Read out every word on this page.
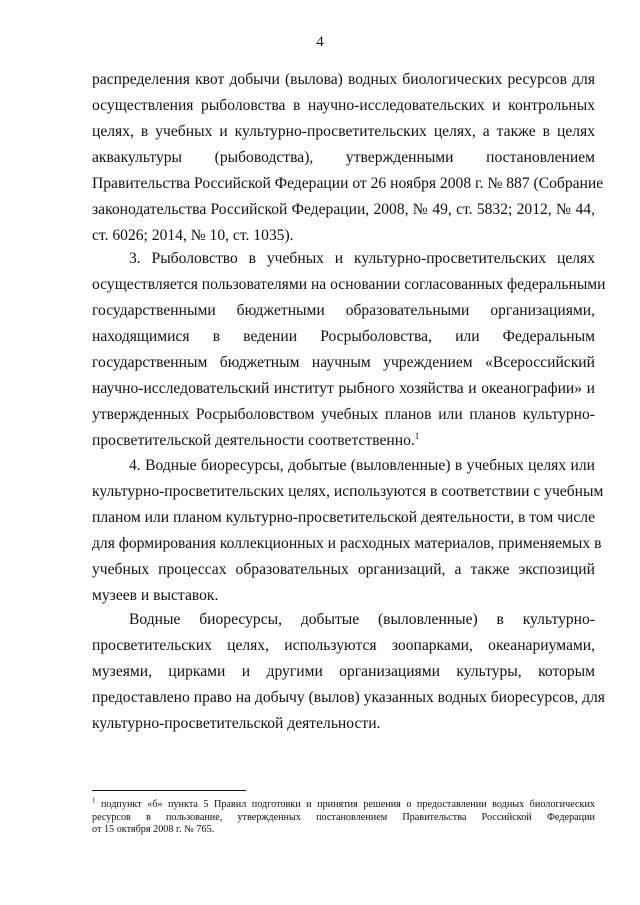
4
распределения квот добычи (вылова) водных биологических ресурсов для
осуществления рыболовства в научно-исследовательских и контрольных
целях, в учебных и культурно-просветительских целях, а также в целях
аквакультуры (рыбоводства), утвержденными постановлением
Правительства Российской Федерации от 26 ноября 2008 г. № 887 (Собрание
законодательства Российской Федерации, 2008, № 49, ст. 5832; 2012, № 44,
ст. 6026; 2014, № 10, ст. 1035).
3. Рыболовство в учебных и культурно-просветительских целях
осуществляется пользователями на основании согласованных федеральными
государственными бюджетными образовательными организациями,
находящимися в ведении Росрыболовства, или Федеральным
государственным бюджетным научным учреждением «Всероссийский
научно-исследовательский институт рыбного хозяйства и океанографии» и
утвержденных Росрыболовством учебных планов или планов культурно-
просветительской деятельности соответственно.$^1$
4. Водные биоресурсы, добытые (выловленные) в учебных целях или
культурно-просветительских целях, используются в соответствии с учебным
планом или планом культурно-просветительской деятельности, в том числе
для формирования коллекционных и расходных материалов, применяемых в
учебных процессах образовательных организаций, а также экспозиций
музеев и выставок.
Водные биоресурсы, добытые (выловленные) в культурно-
просветительских целях, используются зоопарками, океанариумами,
музеями, цирками и другими организациями культуры, которым
предоставлено право на добычу (вылов) указанных водных биоресурсов, для
культурно-просветительской деятельности.
$^1$ подпункт «б» пункта 5 Правил подготовки и принятия решения о предоставлении водных биологических
ресурсов в пользование, утвержденных постановлением Правительства Российской Федерации
от 15 октября 2008 г. № 765.
